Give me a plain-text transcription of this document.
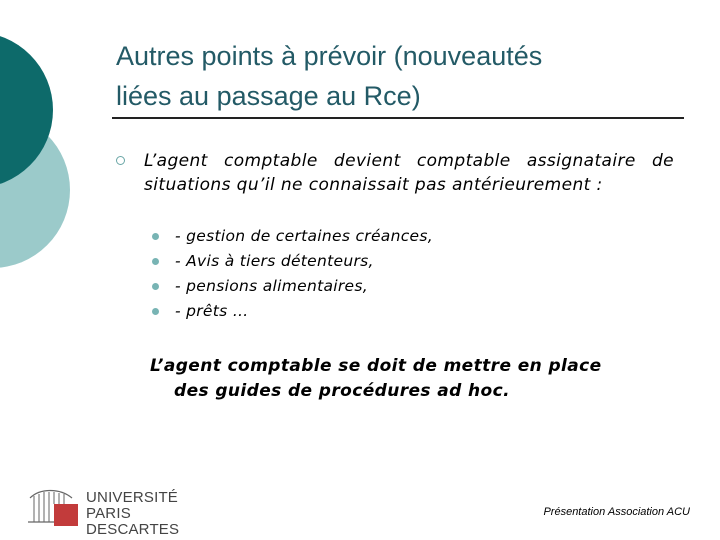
Autres points à prévoir (nouveautés
liées au passage au Rce)
L’agent comptable devient comptable assignataire de situations qu’il ne connaissait pas antérieurement :
- gestion de certaines créances,
- Avis à tiers détenteurs,
- pensions alimentaires,
- prêts …
L’agent comptable se doit de mettre en place
des guides de procédures ad hoc.
UNIVERSITÉ
PARIS DESCARTES
Présentation Association ACU
